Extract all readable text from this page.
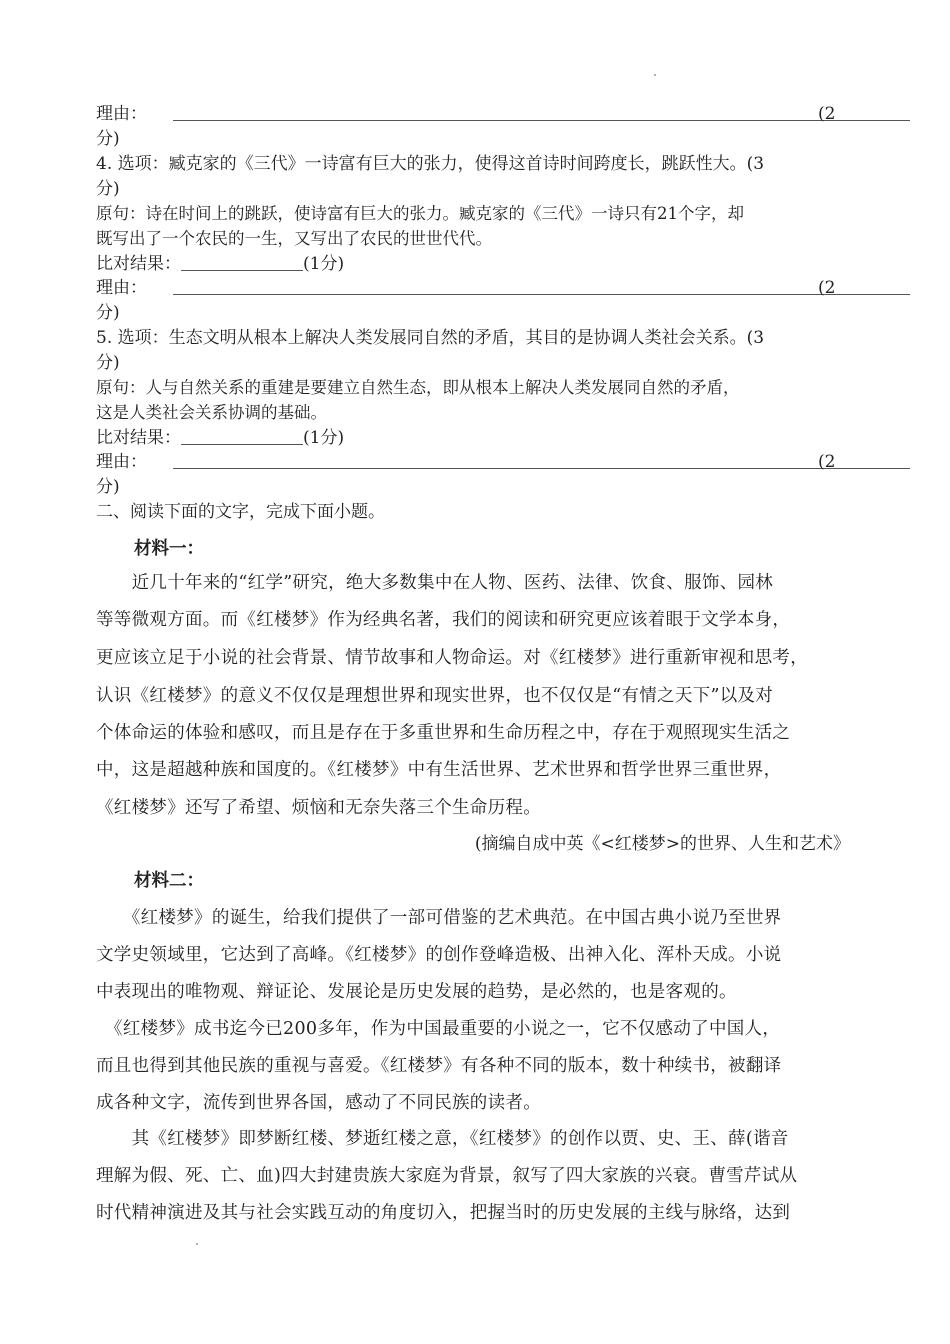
理由：	(2
分)
4. 选项：臧克家的《三代》一诗富有巨大的张力，使得这首诗时间跨度长，跳跃性大。(3
分)
原句：诗在时间上的跳跃，使诗富有巨大的张力。臧克家的《三代》一诗只有21个字，却
既写出了一个农民的一生，又写出了农民的世世代代。
比对结果：	(1分)
理由：	(2
分)
5. 选项：生态文明从根本上解决人类发展同自然的矛盾，其目的是协调人类社会关系。(3
分)
原句：人与自然关系的重建是要建立自然生态，即从根本上解决人类发展同自然的矛盾，
这是人类社会关系协调的基础。
比对结果：	(1分)
理由：	(2
分)
二、阅读下面的文字，完成下面小题。
材料一：
　　近几十年来的“红学”研究，绝大多数集中在人物、医药、法律、饮食、服饰、园林
等等微观方面。而《红楼梦》作为经典名著，我们的阅读和研究更应该着眼于文学本身，
更应该立足于小说的社会背景、情节故事和人物命运。对《红楼梦》进行重新审视和思考，
认识《红楼梦》的意义不仅仅是理想世界和现实世界，也不仅仅是“有情之天下”以及对
个体命运的体验和感叹，而且是存在于多重世界和生命历程之中，存在于观照现实生活之
中，这是超越种族和国度的。《红楼梦》中有生活世界、艺术世界和哲学世界三重世界，
《红楼梦》还写了希望、烦恼和无奈失落三个生命历程。
(摘编自成中英《<红楼梦>的世界、人生和艺术》
材料二：
　　《红楼梦》的诞生，给我们提供了一部可借鉴的艺术典范。在中国古典小说乃至世界
文学史领域里，它达到了高峰。《红楼梦》的创作登峰造极、出神入化、浑朴天成。小说
中表现出的唯物观、辩证论、发展论是历史发展的趋势，是必然的，也是客观的。
　《红楼梦》成书迄今已200多年，作为中国最重要的小说之一，它不仅感动了中国人，
而且也得到其他民族的重视与喜爱。《红楼梦》有各种不同的版本，数十种续书，被翻译
成各种文字，流传到世界各国，感动了不同民族的读者。
　　其《红楼梦》即梦断红楼、梦逝红楼之意，《红楼梦》的创作以贾、史、王、薛(谐音
理解为假、死、亡、血)四大封建贵族大家庭为背景，叙写了四大家族的兴衰。曹雪芹试从
时代精神演进及其与社会实践互动的角度切入，把握当时的历史发展的主线与脉络，达到
